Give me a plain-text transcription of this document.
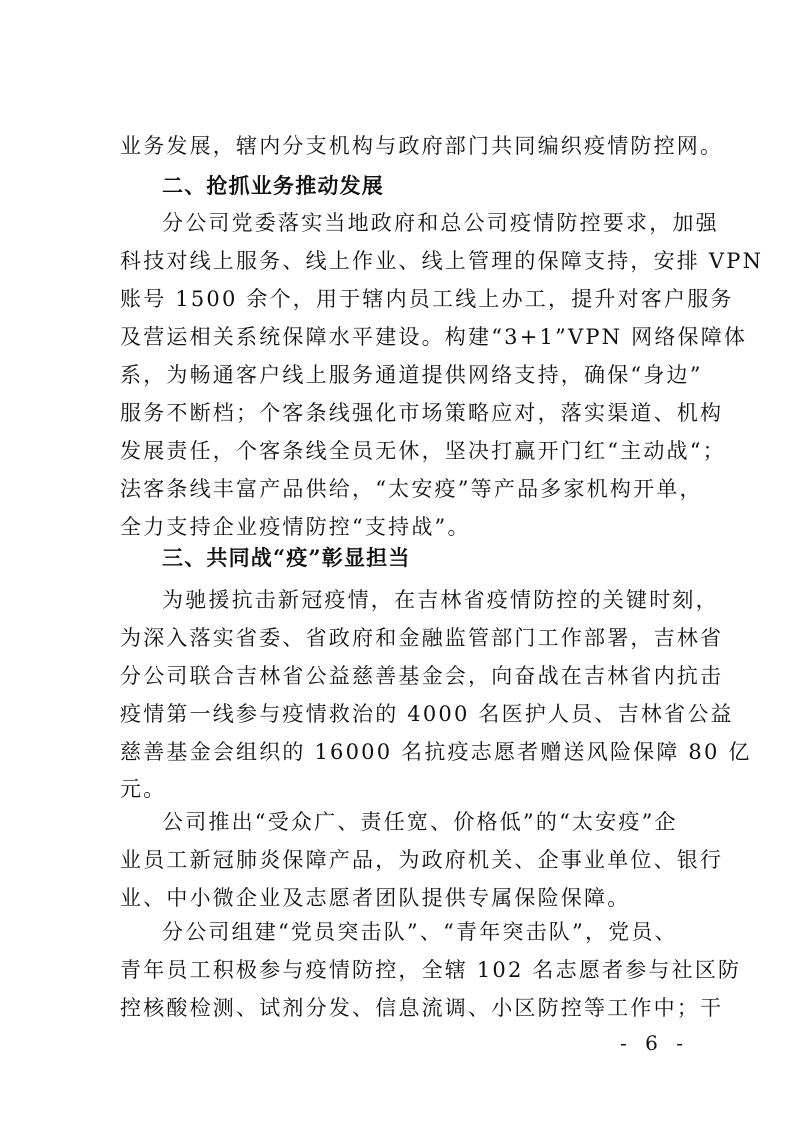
业务发展，辖内分支机构与政府部门共同编织疫情防控网。
二、抢抓业务推动发展
分公司党委落实当地政府和总公司疫情防控要求，加强
科技对线上服务、线上作业、线上管理的保障支持，安排 VPN
账号 1500 余个，用于辖内员工线上办工，提升对客户服务
及营运相关系统保障水平建设。构建“3+1”VPN 网络保障体
系，为畅通客户线上服务通道提供网络支持，确保“身边”
服务不断档；个客条线强化市场策略应对，落实渠道、机构
发展责任，个客条线全员无休，坚决打赢开门红“主动战“；
法客条线丰富产品供给，“太安疫”等产品多家机构开单，
全力支持企业疫情防控“支持战”。
三、共同战“疫”彰显担当
为驰援抗击新冠疫情，在吉林省疫情防控的关键时刻，
为深入落实省委、省政府和金融监管部门工作部署，吉林省
分公司联合吉林省公益慈善基金会，向奋战在吉林省内抗击
疫情第一线参与疫情救治的 4000 名医护人员、吉林省公益
慈善基金会组织的 16000 名抗疫志愿者赠送风险保障 80 亿
元。
公司推出“受众广、责任宽、价格低”的“太安疫”企
业员工新冠肺炎保障产品，为政府机关、企事业单位、银行
业、中小微企业及志愿者团队提供专属保险保障。
分公司组建“党员突击队”、“青年突击队”，党员、
青年员工积极参与疫情防控，全辖 102 名志愿者参与社区防
控核酸检测、试剂分发、信息流调、小区防控等工作中；干
- 6 -
